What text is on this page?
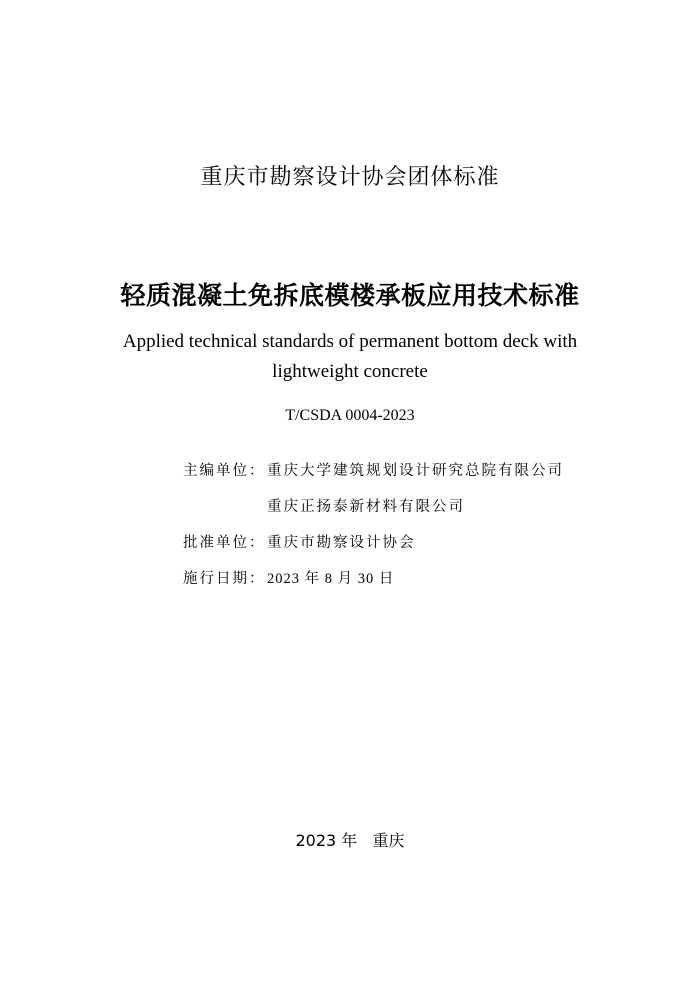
重庆市勘察设计协会团体标准
轻质混凝土免拆底模楼承板应用技术标准
Applied technical standards of permanent bottom deck with
lightweight concrete
T/CSDA 0004-2023
主编单位： 重庆大学建筑规划设计研究总院有限公司
重庆正扬泰新材料有限公司
批准单位： 重庆市勘察设计协会
施行日期： 2023 年 8 月 30 日
2023 年 重庆
